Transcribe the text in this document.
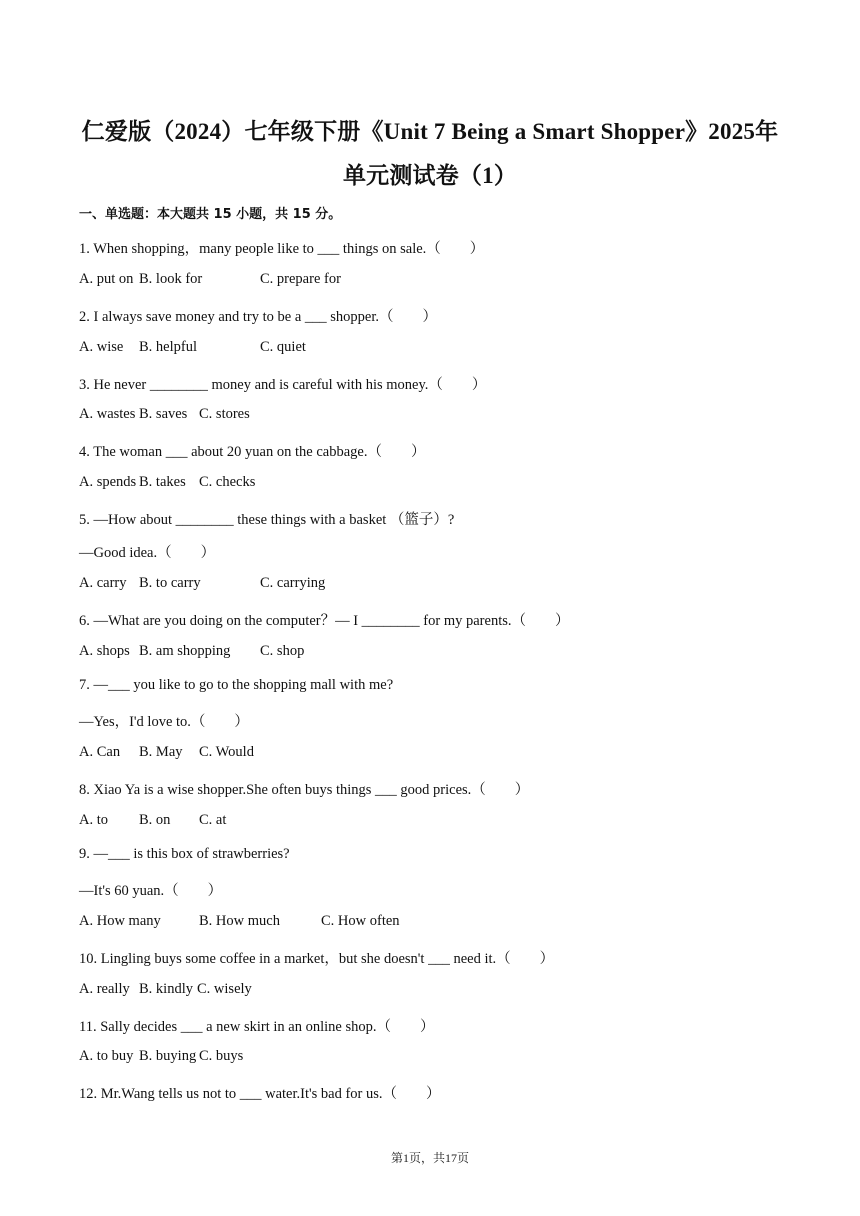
仁爱版（2024）七年级下册《Unit 7 Being a Smart Shopper》2025年
单元测试卷（1）
一、单选题：本大题共 15 小题，共 15 分。
1. When shopping，many people like to ___ things on sale.（        ）
A. put on B. look for	C. prepare for
2. I always save money and try to be a ___ shopper.（        ）
A. wise B. helpful	C. quiet
3. He never ________ money and is careful with his money.（        ）
A. wastes B. saves C. stores
4. The woman ___ about 20 yuan on the cabbage.（        ）
A. spends B. takes C. checks
5. —How about ________ these things with a basket （篮子）?
—Good idea.（        ）
A. carry B. to carry	C. carrying
6. —What are you doing on the computer？— I ________ for my parents.（        ）
A. shops B. am shopping C. shop
7. —___ you like to go to the shopping mall with me?
—Yes，I'd love to.（        ）
A. Can B. May C. Would
8. Xiao Ya is a wise shopper.She often buys things ___ good prices.（        ）
A. to B. on C. at
9. —___ is this box of strawberries?
—It's 60 yuan.（        ）
A. How many	B. How much	C. How often
10. Lingling buys some coffee in a market，but she doesn't ___ need it.（        ）
A. really B. kindly C. wisely
11. Sally decides ___ a new skirt in an online shop.（        ）
A. to buy B. buying C. buys
12. Mr.Wang tells us not to ___ water.It's bad for us.（        ）
第1页，共17页
